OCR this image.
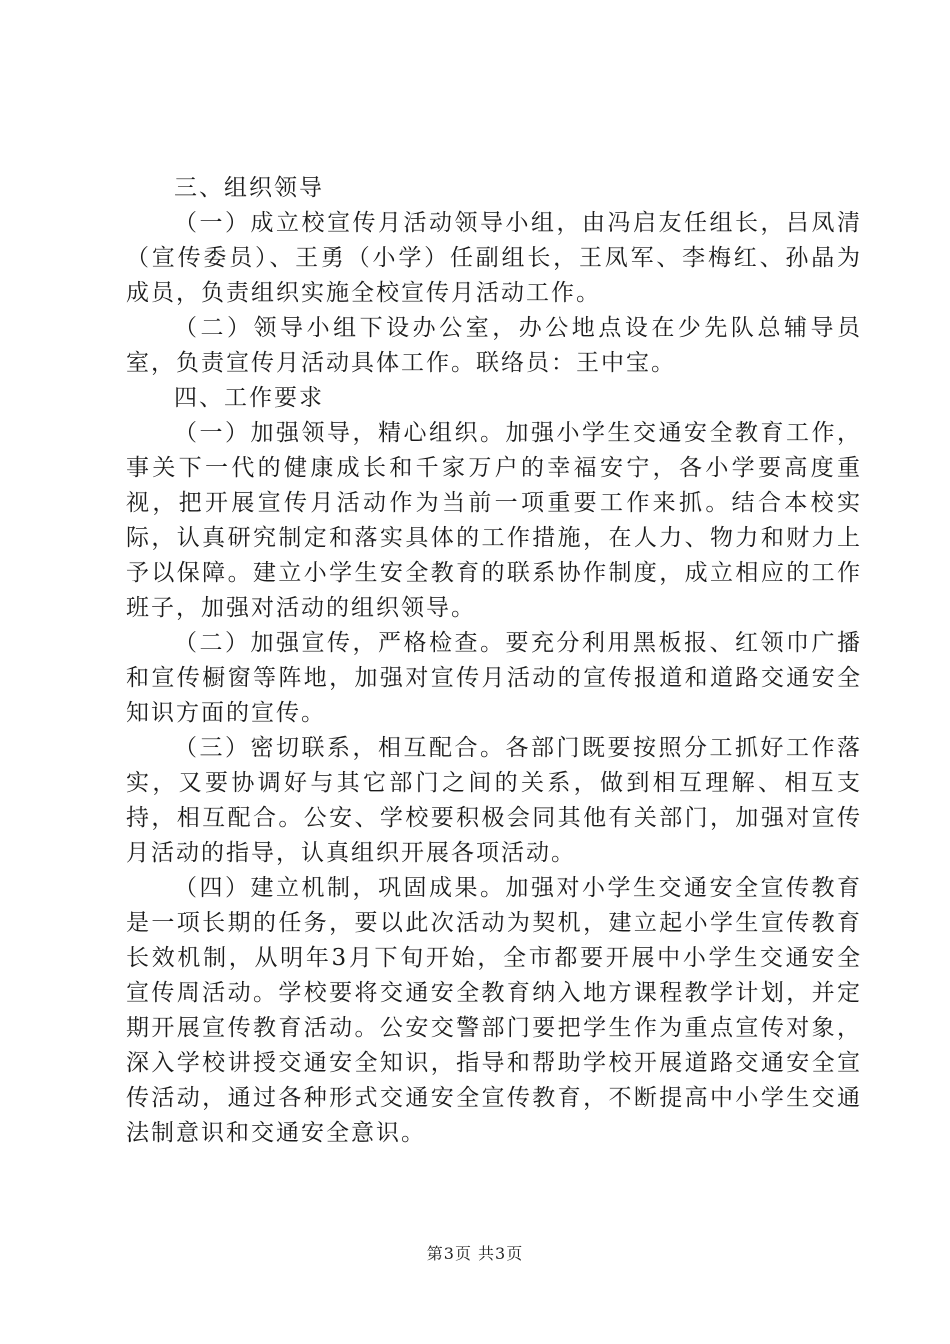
三、组织领导

（一）成立校宣传月活动领导小组，由冯启友任组长，吕凤清（宣传委员）、王勇（小学）任副组长，王凤军、李梅红、孙晶为成员，负责组织实施全校宣传月活动工作。

（二）领导小组下设办公室，办公地点设在少先队总辅导员室，负责宣传月活动具体工作。联络员：王中宝。

四、工作要求

（一）加强领导，精心组织。加强小学生交通安全教育工作，事关下一代的健康成长和千家万户的幸福安宁，各小学要高度重视，把开展宣传月活动作为当前一项重要工作来抓。结合本校实际，认真研究制定和落实具体的工作措施，在人力、物力和财力上予以保障。建立小学生安全教育的联系协作制度，成立相应的工作班子，加强对活动的组织领导。

（二）加强宣传，严格检查。要充分利用黑板报、红领巾广播和宣传橱窗等阵地，加强对宣传月活动的宣传报道和道路交通安全知识方面的宣传。

（三）密切联系，相互配合。各部门既要按照分工抓好工作落实，又要协调好与其它部门之间的关系，做到相互理解、相互支持，相互配合。公安、学校要积极会同其他有关部门，加强对宣传月活动的指导，认真组织开展各项活动。

（四）建立机制，巩固成果。加强对小学生交通安全宣传教育是一项长期的任务，要以此次活动为契机，建立起小学生宣传教育长效机制，从明年3月下旬开始，全市都要开展中小学生交通安全宣传周活动。学校要将交通安全教育纳入地方课程教学计划，并定期开展宣传教育活动。公安交警部门要把学生作为重点宣传对象，深入学校讲授交通安全知识，指导和帮助学校开展道路交通安全宣传活动，通过各种形式交通安全宣传教育，不断提高中小学生交通法制意识和交通安全意识。

第3页 共3页
